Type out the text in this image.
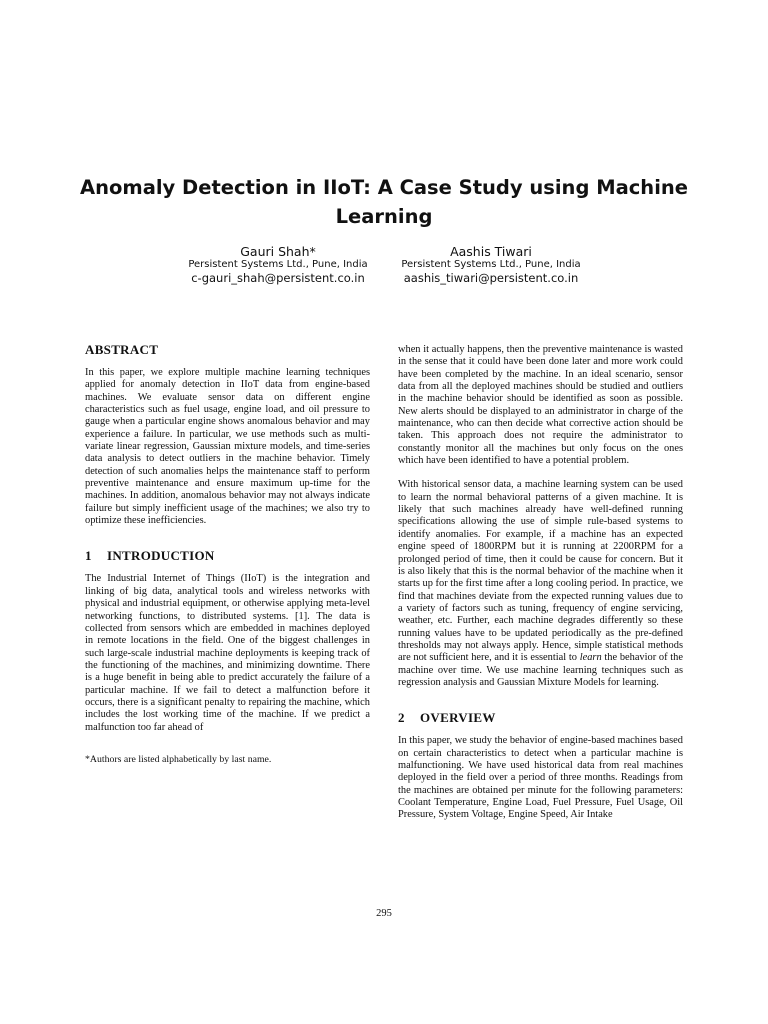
Anomaly Detection in IIoT: A Case Study using Machine Learning
Gauri Shah*
Persistent Systems Ltd., Pune, India
c-gauri_shah@persistent.co.in
Aashis Tiwari
Persistent Systems Ltd., Pune, India
aashis_tiwari@persistent.co.in
ABSTRACT

In this paper, we explore multiple machine learning techniques applied for anomaly detection in IIoT data from engine-based machines. We evaluate sensor data on different engine characteristics such as fuel usage, engine load, and oil pressure to gauge when a particular engine shows anomalous behavior and may experience a failure. In particular, we use methods such as multi-variate linear regression, Gaussian mixture models, and time-series data analysis to detect outliers in the machine behavior. Timely detection of such anomalies helps the maintenance staff to perform preventive maintenance and ensure maximum up-time for the machines. In addition, anomalous behavior may not always indicate failure but simply inefficient usage of the machines; we also try to optimize these inefficiencies.

1 INTRODUCTION

The Industrial Internet of Things (IIoT) is the integration and linking of big data, analytical tools and wireless networks with physical and industrial equipment, or otherwise applying meta-level networking functions, to distributed systems. [1]. The data is collected from sensors which are embedded in machines deployed in remote locations in the field. One of the biggest challenges in such large-scale industrial machine deployments is keeping track of the functioning of the machines, and minimizing downtime. There is a huge benefit in being able to predict accurately the failure of a particular machine. If we fail to detect a malfunction before it occurs, there is a significant penalty to repairing the machine, which includes the lost working time of the machine. If we predict a malfunction too far ahead of

*Authors are listed alphabetically by last name.

when it actually happens, then the preventive maintenance is wasted in the sense that it could have been done later and more work could have been completed by the machine. In an ideal scenario, sensor data from all the deployed machines should be studied and outliers in the machine behavior should be identified as soon as possible. New alerts should be displayed to an administrator in charge of the maintenance, who can then decide what corrective action should be taken. This approach does not require the administrator to constantly monitor all the machines but only focus on the ones which have been identified to have a potential problem.

With historical sensor data, a machine learning system can be used to learn the normal behavioral patterns of a given machine. It is likely that such machines already have well-defined running specifications allowing the use of simple rule-based systems to identify anomalies. For example, if a machine has an expected engine speed of 1800RPM but it is running at 2200RPM for a prolonged period of time, then it could be cause for concern. But it is also likely that this is the normal behavior of the machine when it starts up for the first time after a long cooling period. In practice, we find that machines deviate from the expected running values due to a variety of factors such as tuning, frequency of engine servicing, weather, etc. Further, each machine degrades differently so these running values have to be updated periodically as the pre-defined thresholds may not always apply. Hence, simple statistical methods are not sufficient here, and it is essential to learn the behavior of the machine over time. We use machine learning techniques such as regression analysis and Gaussian Mixture Models for learning.

2 OVERVIEW

In this paper, we study the behavior of engine-based machines based on certain characteristics to detect when a particular machine is malfunctioning. We have used historical data from real machines deployed in the field over a period of three months. Readings from the machines are obtained per minute for the following parameters: Coolant Temperature, Engine Load, Fuel Pressure, Fuel Usage, Oil Pressure, System Voltage, Engine Speed, Air Intake

295
